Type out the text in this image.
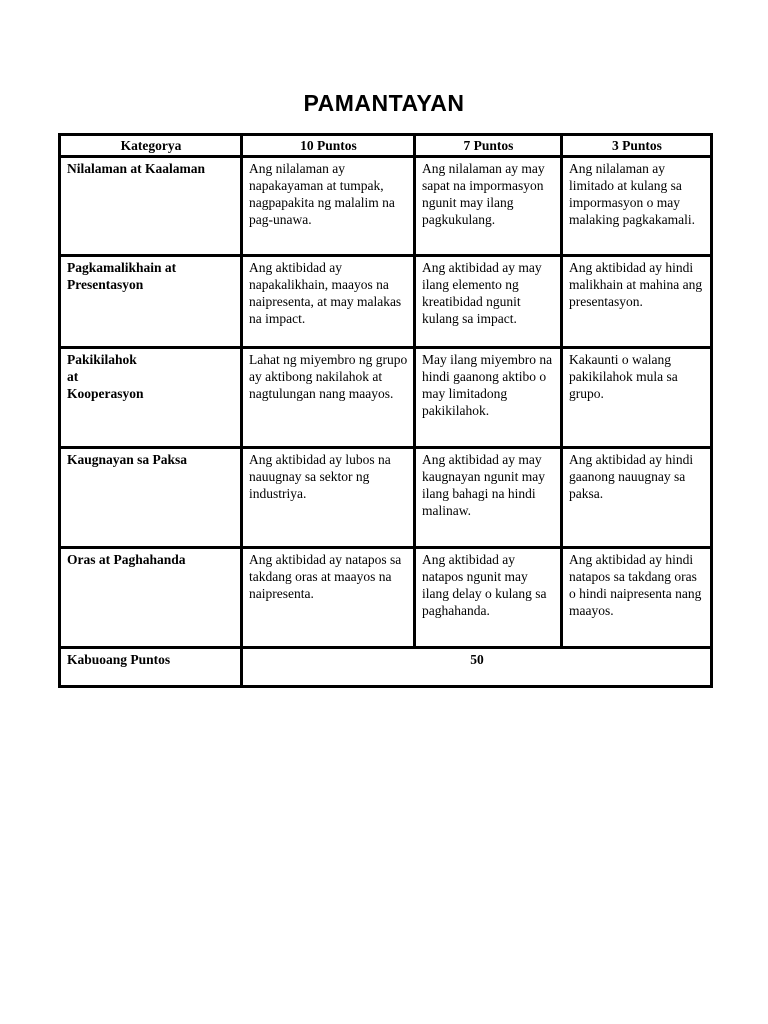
PAMANTAYAN
Kategorya	10 Puntos	7 Puntos	3 Puntos
Nilalaman at Kaalaman	Ang nilalaman ay napakayaman at tumpak, nagpapakita ng malalim na pag-unawa.	Ang nilalaman ay may sapat na impormasyon ngunit may ilang pagkukulang.	Ang nilalaman ay limitado at kulang sa impormasyon o may malaking pagkakamali.
Pagkamalikhain at Presentasyon	Ang aktibidad ay napakalikhain, maayos na naipresenta, at may malakas na impact.	Ang aktibidad ay may ilang elemento ng kreatibidad ngunit kulang sa impact.	Ang aktibidad ay hindi malikhain at mahina ang presentasyon.
Pakikilahok
at
Kooperasyon	Lahat ng miyembro ng grupo ay aktibong nakilahok at nagtulungan nang maayos.	May ilang miyembro na hindi gaanong aktibo o may limitadong pakikilahok.	Kakaunti o walang pakikilahok mula sa grupo.
Kaugnayan sa Paksa	Ang aktibidad ay lubos na nauugnay sa sektor ng industriya.	Ang aktibidad ay may kaugnayan ngunit may ilang bahagi na hindi malinaw.	Ang aktibidad ay hindi gaanong nauugnay sa paksa.
Oras at Paghahanda	Ang aktibidad ay natapos sa takdang oras at maayos na naipresenta.	Ang aktibidad ay natapos ngunit may ilang delay o kulang sa paghahanda.	Ang aktibidad ay hindi natapos sa takdang oras o hindi naipresenta nang maayos.
Kabuoang Puntos	50		
